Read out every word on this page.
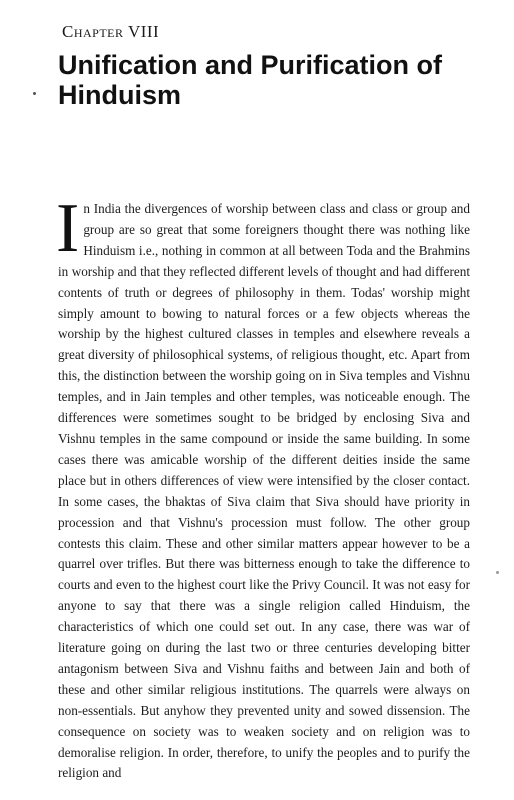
Chapter VIII
Unification and Purification of Hinduism

In India the divergences of worship between class and class or group and group are so great that some foreigners thought there was nothing like Hinduism i.e., nothing in common at all between Toda and the Brahmins in worship and that they reflected different levels of thought and had different contents of truth or degrees of philosophy in them. Todas' worship might simply amount to bowing to natural forces or a few objects whereas the worship by the highest cultured classes in temples and elsewhere reveals a great diversity of philosophical systems, of religious thought, etc. Apart from this, the distinction between the worship going on in Siva temples and Vishnu temples, and in Jain temples and other temples, was noticeable enough. The differences were sometimes sought to be bridged by enclosing Siva and Vishnu temples in the same compound or inside the same building. In some cases there was amicable worship of the different deities inside the same place but in others differences of view were intensified by the closer contact. In some cases, the bhaktas of Siva claim that Siva should have priority in procession and that Vishnu's procession must follow. The other group contests this claim. These and other similar matters appear however to be a quarrel over trifles. But there was bitterness enough to take the difference to courts and even to the highest court like the Privy Council. It was not easy for anyone to say that there was a single religion called Hinduism, the characteristics of which one could set out. In any case, there was war of literature going on during the last two or three centuries developing bitter antagonism between Siva and Vishnu faiths and between Jain and both of these and other similar religious institutions. The quarrels were always on non-essentials. But anyhow they prevented unity and sowed dissension. The consequence on society was to weaken society and on religion was to demoralise religion. In order, therefore, to unify the peoples and to purify the religion and
